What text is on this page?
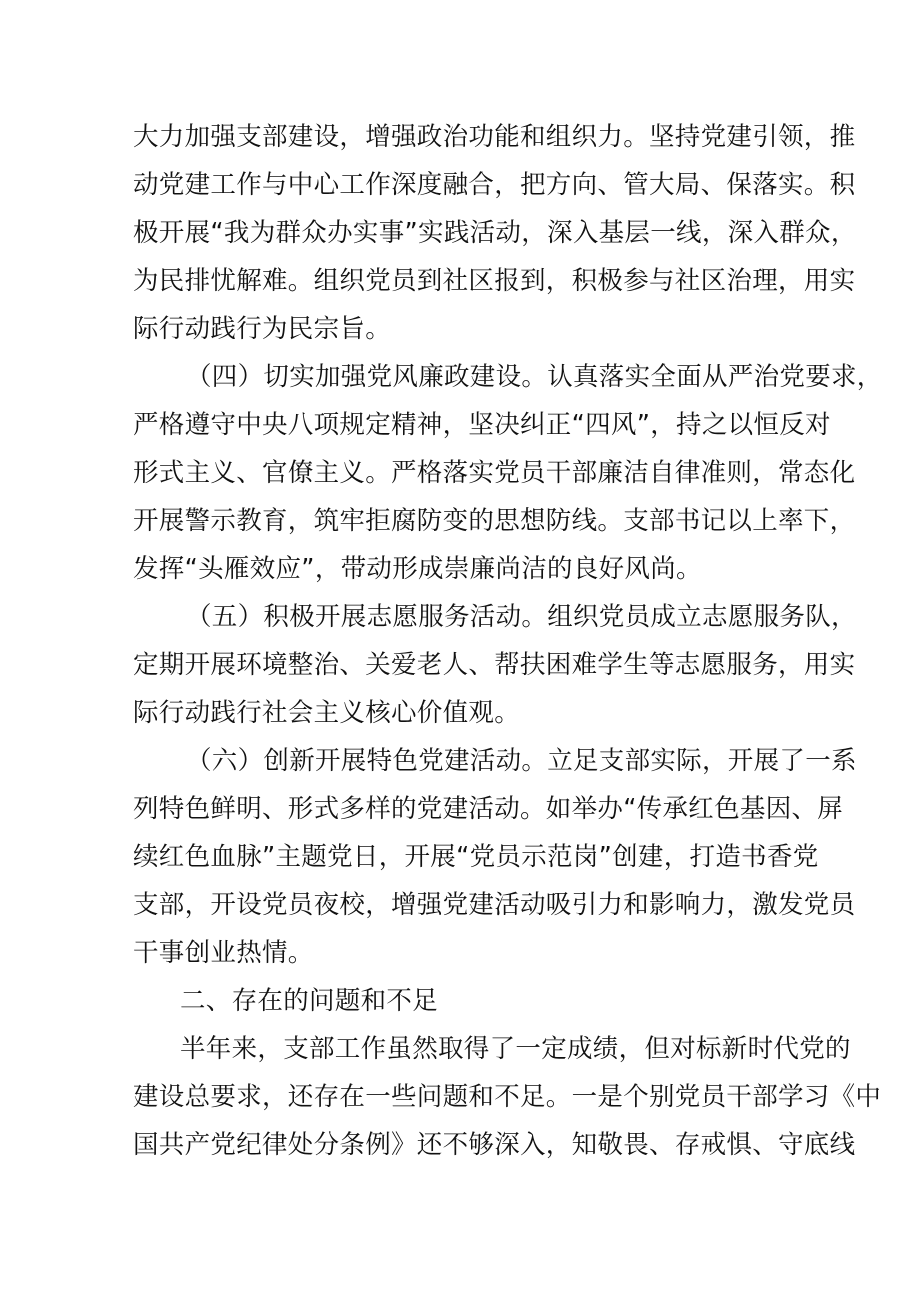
大力加强支部建设，增强政治功能和组织力。坚持党建引领，推
动党建工作与中心工作深度融合，把方向、管大局、保落实。积
极开展“我为群众办实事”实践活动，深入基层一线，深入群众，
为民排忧解难。组织党员到社区报到，积极参与社区治理，用实
际行动践行为民宗旨。
（四）切实加强党风廉政建设。认真落实全面从严治党要求，
严格遵守中央八项规定精神，坚决纠正“四风”，持之以恒反对
形式主义、官僚主义。严格落实党员干部廉洁自律准则，常态化
开展警示教育，筑牢拒腐防变的思想防线。支部书记以上率下，
发挥“头雁效应”，带动形成崇廉尚洁的良好风尚。
（五）积极开展志愿服务活动。组织党员成立志愿服务队，
定期开展环境整治、关爱老人、帮扶困难学生等志愿服务，用实
际行动践行社会主义核心价值观。
（六）创新开展特色党建活动。立足支部实际，开展了一系
列特色鲜明、形式多样的党建活动。如举办“传承红色基因、屏
续红色血脉”主题党日，开展“党员示范岗”创建，打造书香党
支部，开设党员夜校，增强党建活动吸引力和影响力，激发党员
干事创业热情。
二、存在的问题和不足
半年来，支部工作虽然取得了一定成绩，但对标新时代党的
建设总要求，还存在一些问题和不足。一是个别党员干部学习《中
国共产党纪律处分条例》还不够深入，知敬畏、存戒惧、守底线
